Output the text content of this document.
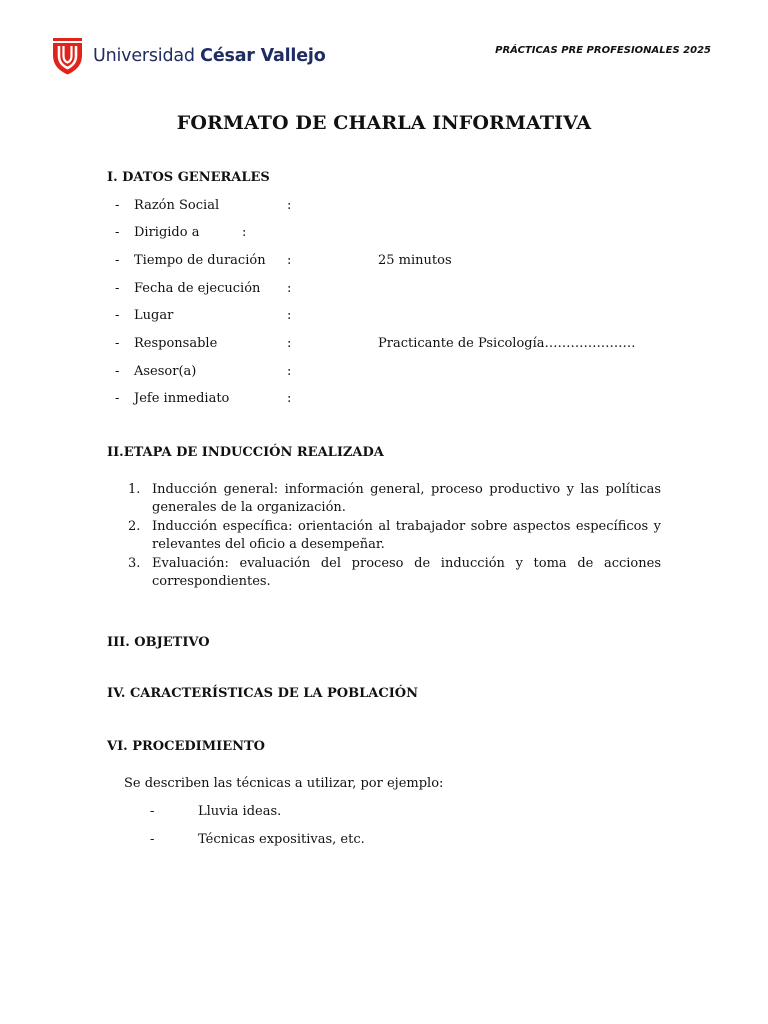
Universidad César Vallejo	PRÁCTICAS PRE PROFESIONALES 2025
FORMATO DE CHARLA INFORMATIVA
I. DATOS GENERALES
- Razón Social	:
- Dirigido a	:
- Tiempo de duración :	25 minutos
- Fecha de ejecución :
- Lugar	:
- Responsable	:	Practicante de Psicología…………………
- Asesor(a)	:
- Jefe inmediato	:
II.ETAPA DE INDUCCIÓN REALIZADA
1. Inducción general: información general, proceso productivo y las políticas generales de la organización.
2. Inducción específica: orientación al trabajador sobre aspectos específicos y relevantes del oficio a desempeñar.
3. Evaluación: evaluación del proceso de inducción y toma de acciones correspondientes.
III. OBJETIVO
IV. CARACTERÍSTICAS DE LA POBLACIÓN
VI. PROCEDIMIENTO
Se describen las técnicas a utilizar, por ejemplo:
-	Lluvia ideas.
-	Técnicas expositivas, etc.
